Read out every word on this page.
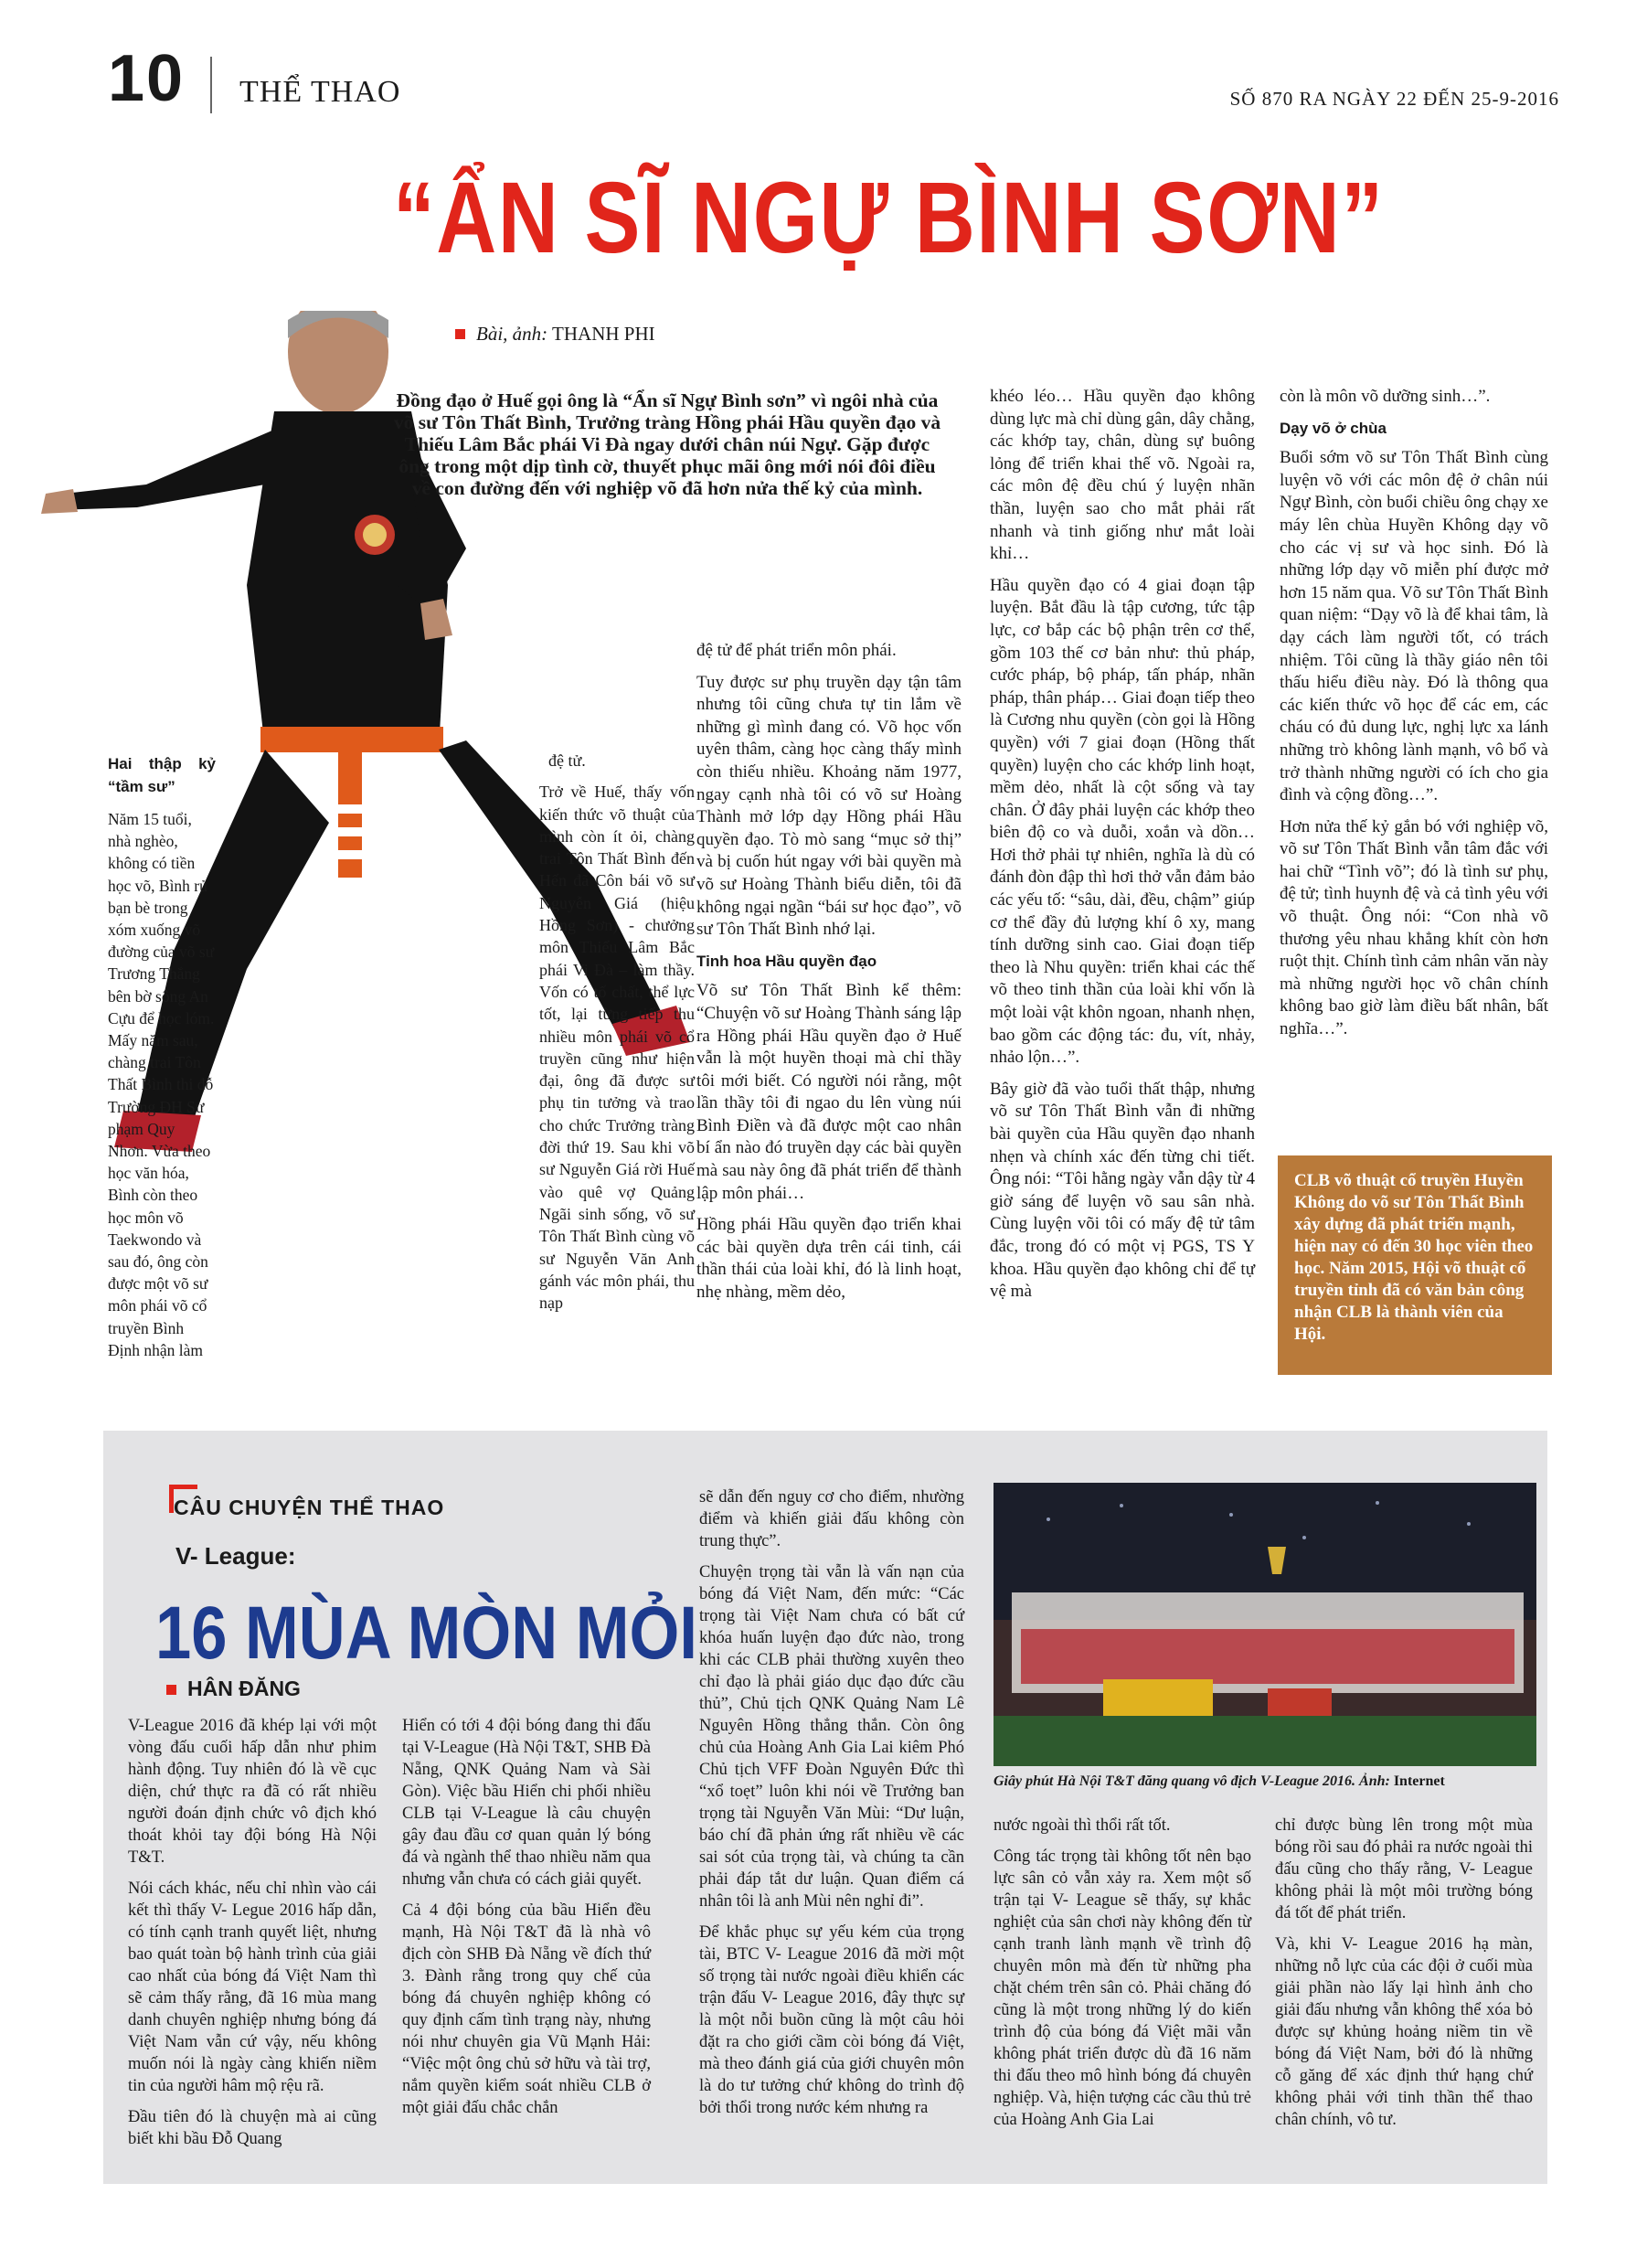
10 THỂ THAO	SỐ 870 RA NGÀY 22 ĐẾN 25-9-2016
“ẨN SĨ NGỰ BÌNH SƠN”
Bài, ảnh: THANH PHI
Đồng đạo ở Huế gọi ông là “Ẩn sĩ Ngự Bình sơn” vì ngôi nhà của võ sư Tôn Thất Bình, Trưởng tràng Hồng phái Hầu quyền đạo và Thiếu Lâm Bắc phái Vi Đà ngay dưới chân núi Ngự. Gặp được ông trong một dịp tình cờ, thuyết phục mãi ông mới nói đôi điều về con đường đến với nghiệp võ đã hơn nửa thế kỷ của mình.
Hai thập kỷ “tầm sư”

Năm 15 tuổi, nhà nghèo, không có tiền học võ, Bình rủ bạn bè trong xóm xuống võ đường của võ sư Trương Thắng bên bờ sông An Cựu để học lóm. Mấy năm sau, chàng trai Tôn Thất Bình thi đỗ Trường ĐH Sư phạm Quy Nhơn. Vừa theo học văn hóa, Bình còn theo học môn võ Taekwondo và sau đó, ông còn được một võ sư môn phái võ cổ truyền Bình Định nhận làm

đệ tử.

Trở về Huế, thấy vốn kiến thức võ thuật của mình còn ít ỏi, chàng trai Tôn Thất Bình đến Hến đã Côn bái võ sư Nguyễn Giá (hiệu Hồng Sơn) - chưởng môn Thiếu Lâm Bắc phái Vi Đà – làm thầy. Vốn có tố chất, thể lực tốt, lại từng tiếp thu nhiều môn phái võ cổ truyền cũng như hiện đại, ông đã được sư phụ tin tưởng và trao cho chức Trưởng tràng đời thứ 19. Sau khi võ sư Nguyễn Giá rời Huế vào quê vợ Quảng Ngãi sinh sống, võ sư Tôn Thất Bình cùng võ sư Nguyễn Văn Anh gánh vác môn phái, thu nạp

đệ tử để phát triển môn phái.

Tuy được sư phụ truyền dạy tận tâm nhưng tôi cũng chưa tự tin lắm về những gì mình đang có. Võ học vốn uyên thâm, càng học càng thấy mình còn thiếu nhiều. Khoảng năm 1977, ngay cạnh nhà tôi có võ sư Hoàng Thành mở lớp dạy Hồng phái Hầu quyền đạo. Tò mò sang “mục sở thị” và bị cuốn hút ngay với bài quyền mà võ sư Hoàng Thành biểu diễn, tôi đã không ngại ngần “bái sư học đạo”, võ sư Tôn Thất Bình nhớ lại.

Tinh hoa Hầu quyền đạo

Võ sư Tôn Thất Bình kể thêm: “Chuyện võ sư Hoàng Thành sáng lập ra Hồng phái Hầu quyền đạo ở Huế vẫn là một huyền thoại mà chỉ thầy tôi mới biết. Có người nói rằng, một lần thầy tôi đi ngao du lên vùng núi Bình Điền và đã được một cao nhân bí ẩn nào đó truyền dạy các bài quyền mà sau này ông đã phát triển để thành lập môn phái…

Hồng phái Hầu quyền đạo triển khai các bài quyền dựa trên cái tinh, cái thần thái của loài khỉ, đó là linh hoạt, nhẹ nhàng, mềm dẻo,

khéo léo… Hầu quyền đạo không dùng lực mà chỉ dùng gân, dây chằng, các khớp tay, chân, dùng sự buông lỏng để triển khai thế võ. Ngoài ra, các môn đệ đều chú ý luyện nhãn thần, luyện sao cho mắt phải rất nhanh và tinh giống như mắt loài khỉ…

Hầu quyền đạo có 4 giai đoạn tập luyện. Bắt đầu là tập cương, tức tập lực, cơ bắp các bộ phận trên cơ thể, gồm 103 thế cơ bản như: thủ pháp, cước pháp, bộ pháp, tấn pháp, nhãn pháp, thân pháp… Giai đoạn tiếp theo là Cương nhu quyền (còn gọi là Hồng quyền) với 7 giai đoạn (Hồng thất quyền) luyện cho các khớp linh hoạt, mềm dẻo, nhất là cột sống và tay chân. Ở đây phải luyện các khớp theo biên độ co và duỗi, xoắn và dồn… Hơi thở phải tự nhiên, nghĩa là dù có đánh đòn đập thì hơi thở vẫn đảm bảo các yếu tố: “sâu, dài, đều, chậm” giúp cơ thể đầy đủ lượng khí ô xy, mang tính dưỡng sinh cao. Giai đoạn tiếp theo là Nhu quyền: triển khai các thế võ theo tinh thần của loài khỉ vốn là một loài vật khôn ngoan, nhanh nhẹn, bao gồm các động tác: đu, vít, nhảy, nhảo lộn…”.

Bây giờ đã vào tuổi thất thập, nhưng võ sư Tôn Thất Bình vẫn đi những bài quyền của Hầu quyền đạo nhanh nhẹn và chính xác đến từng chi tiết. Ông nói: “Tôi hằng ngày vẫn dậy từ 4 giờ sáng để luyện võ sau sân nhà. Cùng luyện või tôi có mấy đệ tử tâm đắc, trong đó có một vị PGS, TS Y khoa. Hầu quyền đạo không chỉ để tự vệ mà

còn là môn võ dưỡng sinh…”.

Dạy võ ở chùa

Buổi sớm võ sư Tôn Thất Bình cùng luyện võ với các môn đệ ở chân núi Ngự Bình, còn buổi chiều ông chạy xe máy lên chùa Huyền Không dạy võ cho các vị sư và học sinh. Đó là những lớp dạy võ miễn phí được mở hơn 15 năm qua. Võ sư Tôn Thất Bình quan niệm: “Dạy võ là để khai tâm, là dạy cách làm người tốt, có trách nhiệm. Tôi cũng là thầy giáo nên tôi thấu hiểu điều này. Đó là thông qua các kiến thức võ học để các em, các cháu có đủ dung lực, nghị lực xa lánh những trò không lành mạnh, vô bổ và trở thành những người có ích cho gia đình và cộng đồng…”.

Hơn nửa thế kỷ gắn bó với nghiệp võ, võ sư Tôn Thất Bình vẫn tâm đắc với hai chữ “Tình võ”; đó là tình sư phụ, đệ tử; tình huynh đệ và cả tình yêu với võ thuật. Ông nói: “Con nhà võ thương yêu nhau khẳng khít còn hơn ruột thịt. Chính tình cảm nhân văn này mà những người học võ chân chính không bao giờ làm điều bất nhân, bất nghĩa…”.

CLB võ thuật cổ truyền Huyền Không do võ sư Tôn Thất Bình xây dựng đã phát triển mạnh, hiện nay có đến 30 học viên theo học. Năm 2015, Hội võ thuật cổ truyền tỉnh đã có văn bản công nhận CLB là thành viên của Hội.
CÂU CHUYỆN THỂ THAO
V- League:
16 MÙA MÒN MỎI
HÂN ĐĂNG

V-League 2016 đã khép lại với một vòng đấu cuối hấp dẫn như phim hành động. Tuy nhiên đó là về cục diện, chứ thực ra đã có rất nhiều người đoán định chức vô địch khó thoát khỏi tay đội bóng Hà Nội T&T.

Nói cách khác, nếu chỉ nhìn vào cái kết thì thấy V- Legue 2016 hấp dẫn, có tính cạnh tranh quyết liệt, nhưng bao quát toàn bộ hành trình của giải cao nhất của bóng đá Việt Nam thì sẽ cảm thấy rằng, đã 16 mùa mang danh chuyên nghiệp nhưng bóng đá Việt Nam vẫn cứ vậy, nếu không muốn nói là ngày càng khiến niềm tin của người hâm mộ rệu rã.

Đầu tiên đó là chuyện mà ai cũng biết khi bầu Đỗ Quang

Hiển có tới 4 đội bóng đang thi đấu tại V-League (Hà Nội T&T, SHB Đà Nẵng, QNK Quảng Nam và Sài Gòn). Việc bầu Hiển chi phối nhiều CLB tại V-League là câu chuyện gây đau đầu cơ quan quản lý bóng đá và ngành thể thao nhiều năm qua nhưng vẫn chưa có cách giải quyết.

Cả 4 đội bóng của bầu Hiển đều mạnh, Hà Nội T&T đã là nhà vô địch còn SHB Đà Nẵng về đích thứ 3. Đành rằng trong quy chế của bóng đá chuyên nghiệp không có quy định cấm tình trạng này, nhưng nói như chuyên gia Vũ Mạnh Hải: “Việc một ông chủ sở hữu và tài trợ, nắm quyền kiểm soát nhiều CLB ở một giải đấu chắc chắn

sẽ dẫn đến nguy cơ cho điểm, nhường điểm và khiến giải đấu không còn trung thực”.

Chuyện trọng tài vẫn là vấn nạn của bóng đá Việt Nam, đến mức: “Các trọng tài Việt Nam chưa có bất cứ khóa huấn luyện đạo đức nào, trong khi các CLB phải thường xuyên theo chỉ đạo là phải giáo dục đạo đức cầu thủ”, Chủ tịch QNK Quảng Nam Lê Nguyên Hồng thẳng thắn. Còn ông chủ của Hoàng Anh Gia Lai kiêm Phó Chủ tịch VFF Đoàn Nguyên Đức thì “xổ toẹt” luôn khi nói về Trưởng ban trọng tài Nguyễn Văn Mùi: “Dư luận, báo chí đã phản ứng rất nhiều về các sai sót của trọng tài, và chúng ta cần phải đáp tắt dư luận. Quan điểm cá nhân tôi là anh Mùi nên nghỉ đi”.

Để khắc phục sự yếu kém của trọng tài, BTC V- League 2016 đã mời một số trọng tài nước ngoài điều khiển các trận đấu V- League 2016, đây thực sự là một nỗi buồn cũng là một câu hỏi đặt ra cho giới cầm còi bóng đá Việt, mà theo đánh giá của giới chuyên môn là do tư tưởng chứ không do trình độ bởi thổi trong nước kém nhưng ra

Giây phút Hà Nội T&T đăng quang vô địch V-League 2016. Ảnh: Internet

nước ngoài thì thổi rất tốt.

Công tác trọng tài không tốt nên bạo lực sân cỏ vẫn xảy ra. Xem một số trận tại V- League sẽ thấy, sự khắc nghiệt của sân chơi này không đến từ cạnh tranh lành mạnh về trình độ chuyên môn mà đến từ những pha chặt chém trên sân cỏ. Phải chăng đó cũng là một trong những lý do kiến trình độ của bóng đá Việt mãi vẫn không phát triển được dù đã 16 năm thi đấu theo mô hình bóng đá chuyên nghiệp. Và, hiện tượng các cầu thủ trẻ của Hoàng Anh Gia Lai

chỉ được bùng lên trong một mùa bóng rồi sau đó phải ra nước ngoài thi đấu cũng cho thấy rằng, V- League không phải là một môi trường bóng đá tốt để phát triển.

Và, khi V- League 2016 hạ màn, những nỗ lực của các đội ở cuối mùa giải phần nào lấy lại hình ảnh cho giải đấu nhưng vẫn không thể xóa bỏ được sự khủng hoảng niềm tin về bóng đá Việt Nam, bởi đó là những cỗ găng để xác định thứ hạng chứ không phải với tinh thần thể thao chân chính, vô tư.
